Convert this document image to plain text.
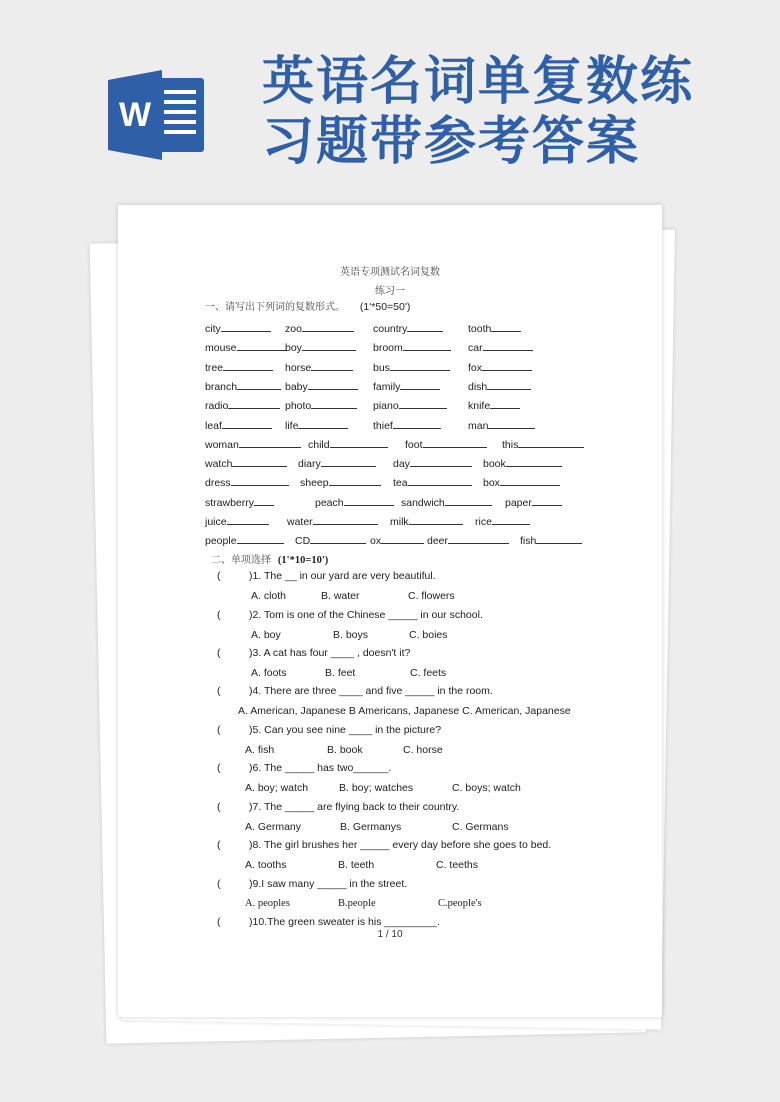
W
英语名词单复数练
习题带参考答案
英语专项测试名词复数
练习一
一、请写出下列词的复数形式。 (1'*50=50')
city	zoo	country	tooth
mouse	boy	broom	car
tree	horse	bus	fox
branch	baby	family	dish
radio	photo	piano	knife
leaf	life	thief	man
woman	child	foot	this
watch	diary	day	book
dress	sheep	tea	box
strawberry	peach	sandwich	paper
juice	water	milk	rice
people	CD	ox	deer	fish
二、单项选择 (1'*10=10')
(	)1. The __ in our yard are very beautiful.
A. cloth	B. water	C. flowers
(	)2. Tom is one of the Chinese _____ in our school.
A. boy	B. boys	C. boies
(	)3. A cat has four ____ , doesn't it?
A. foots	B. feet	C. feets
(	)4. There are three ____ and five _____ in the room.
A. American, Japanese B Americans, Japanese C. American, Japanese
(	)5. Can you see nine ____ in the picture?
A. fish	B. book	C. horse
(	)6. The _____ has two______.
A. boy; watch	B. boy; watches	C. boys; watch
(	)7. The _____ are flying back to their country.
A. Germany	B. Germanys	C. Germans
(	)8. The girl brushes her _____ every day before she goes to bed.
A. tooths	B. teeth	C. teeths
(	)9.I saw many _____ in the street.
A. peoples	B.people	C.people's
(	)10.The green sweater is his _________.
1 / 10
